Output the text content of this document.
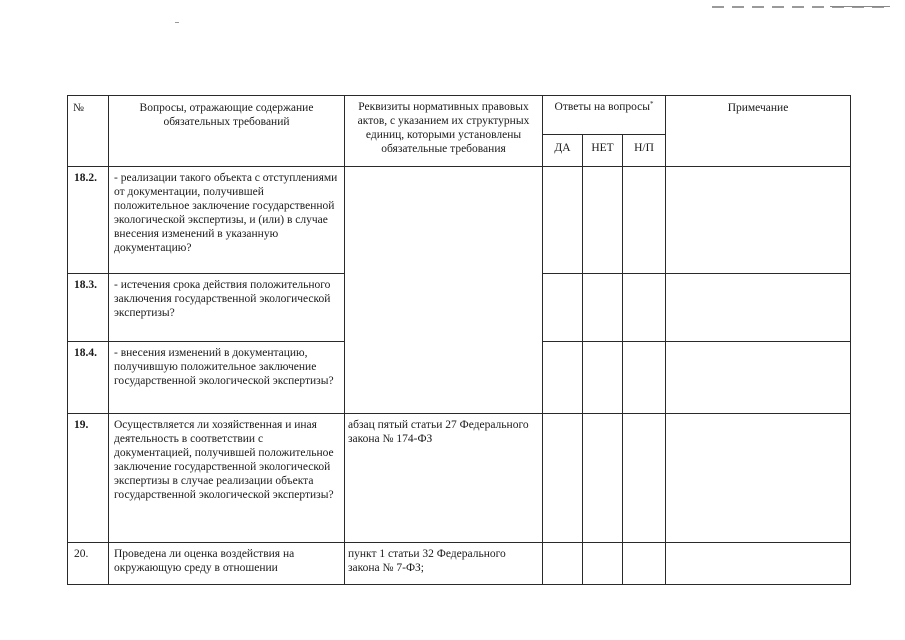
№	Вопросы, отражающие содержание обязательных требований	Реквизиты нормативных правовых актов, с указанием их структурных единиц, которыми установлены обязательные требования	Ответы на вопросы*			Примечание
			ДА	НЕТ	Н/П	
18.2.	- реализации такого объекта с отступлениями от документации, получившей положительное заключение государственной экологической экспертизы, и (или) в случае внесения изменений в указанную документацию?					
18.3.	- истечения срока действия положительного заключения государственной экологической экспертизы?					
18.4.	- внесения изменений в документацию, получившую положительное заключение государственной экологической экспертизы?					
19.	Осуществляется ли хозяйственная и иная деятельность в соответствии с документацией, получившей положительное заключение государственной экологической экспертизы в случае реализации объекта государственной экологической экспертизы?	абзац пятый статьи 27 Федерального закона № 174-ФЗ				
20.	Проведена ли оценка воздействия на окружающую среду в отношении	пункт 1 статьи 32 Федерального закона № 7-ФЗ;				
